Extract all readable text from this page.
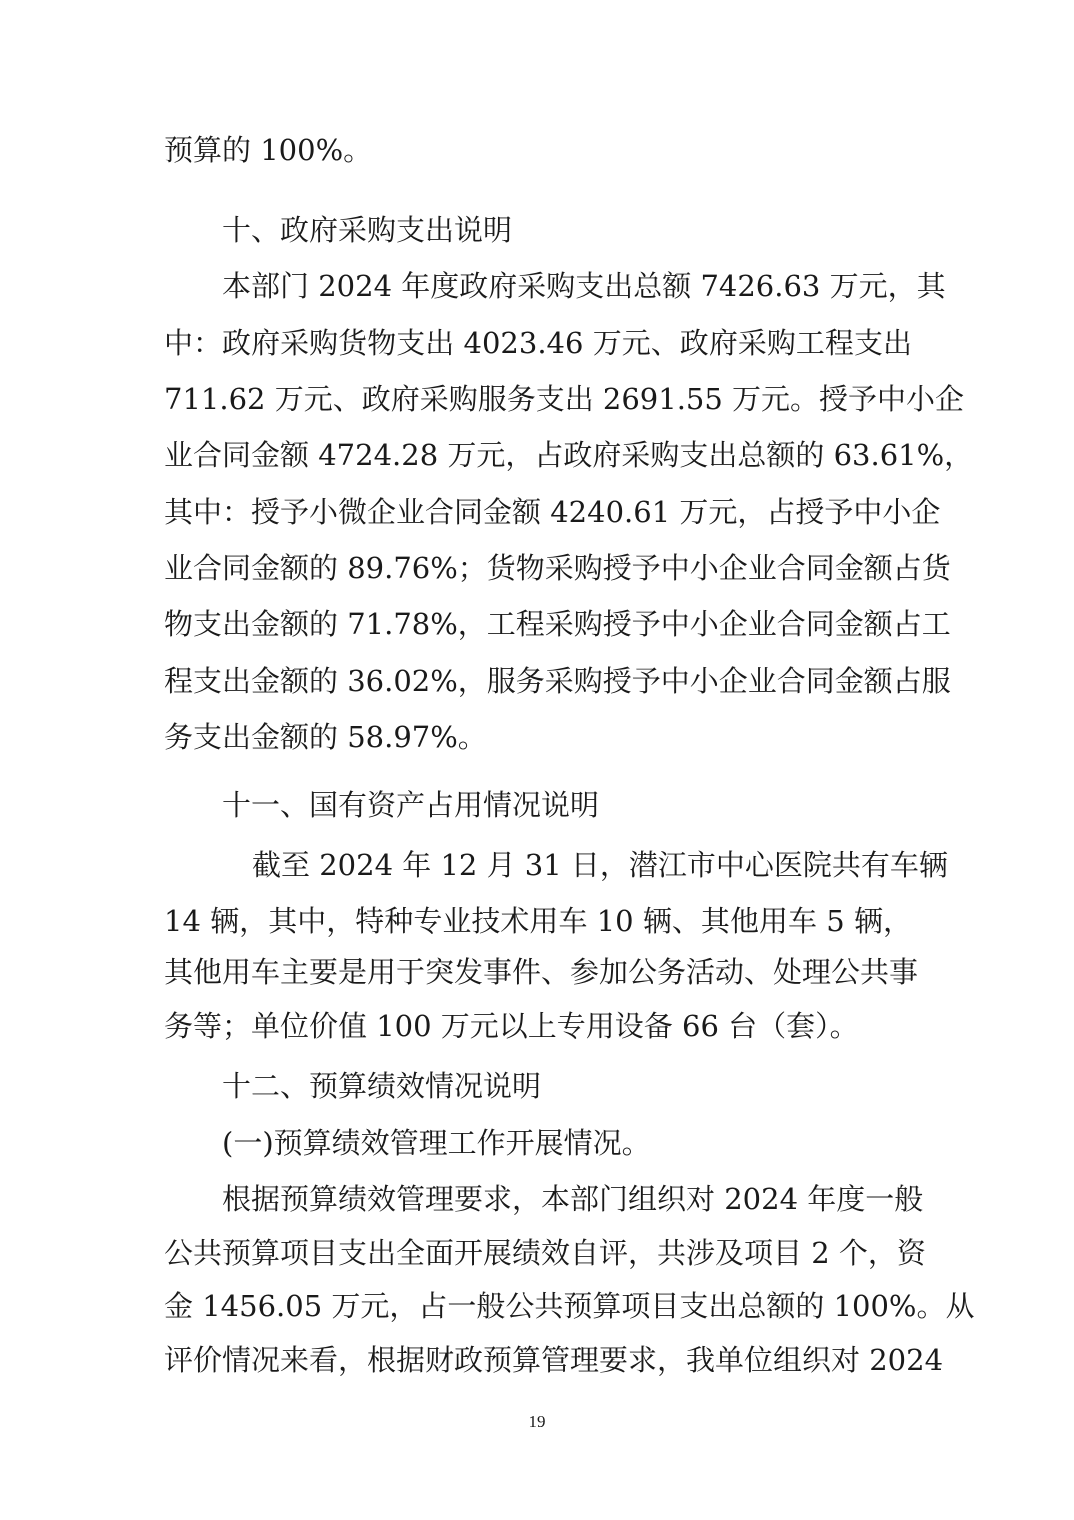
预算的 100%。
十、政府采购支出说明
本部门 2024 年度政府采购支出总额 7426.63 万元，其
中：政府采购货物支出 4023.46 万元、政府采购工程支出
711.62 万元、政府采购服务支出 2691.55 万元。授予中小企
业合同金额 4724.28 万元，占政府采购支出总额的 63.61%，
其中：授予小微企业合同金额 4240.61 万元，占授予中小企
业合同金额的 89.76%；货物采购授予中小企业合同金额占货
物支出金额的 71.78%，工程采购授予中小企业合同金额占工
程支出金额的 36.02%，服务采购授予中小企业合同金额占服
务支出金额的 58.97%。
十一、国有资产占用情况说明
截至 2024 年 12 月 31 日，潜江市中心医院共有车辆
14 辆，其中，特种专业技术用车 10 辆、其他用车 5 辆，
其他用车主要是用于突发事件、参加公务活动、处理公共事
务等；单位价值 100 万元以上专用设备 66 台（套）。
十二、预算绩效情况说明
(一)预算绩效管理工作开展情况。
根据预算绩效管理要求，本部门组织对 2024 年度一般
公共预算项目支出全面开展绩效自评，共涉及项目 2 个，资
金 1456.05 万元，占一般公共预算项目支出总额的 100%。从
评价情况来看，根据财政预算管理要求，我单位组织对 2024
19
